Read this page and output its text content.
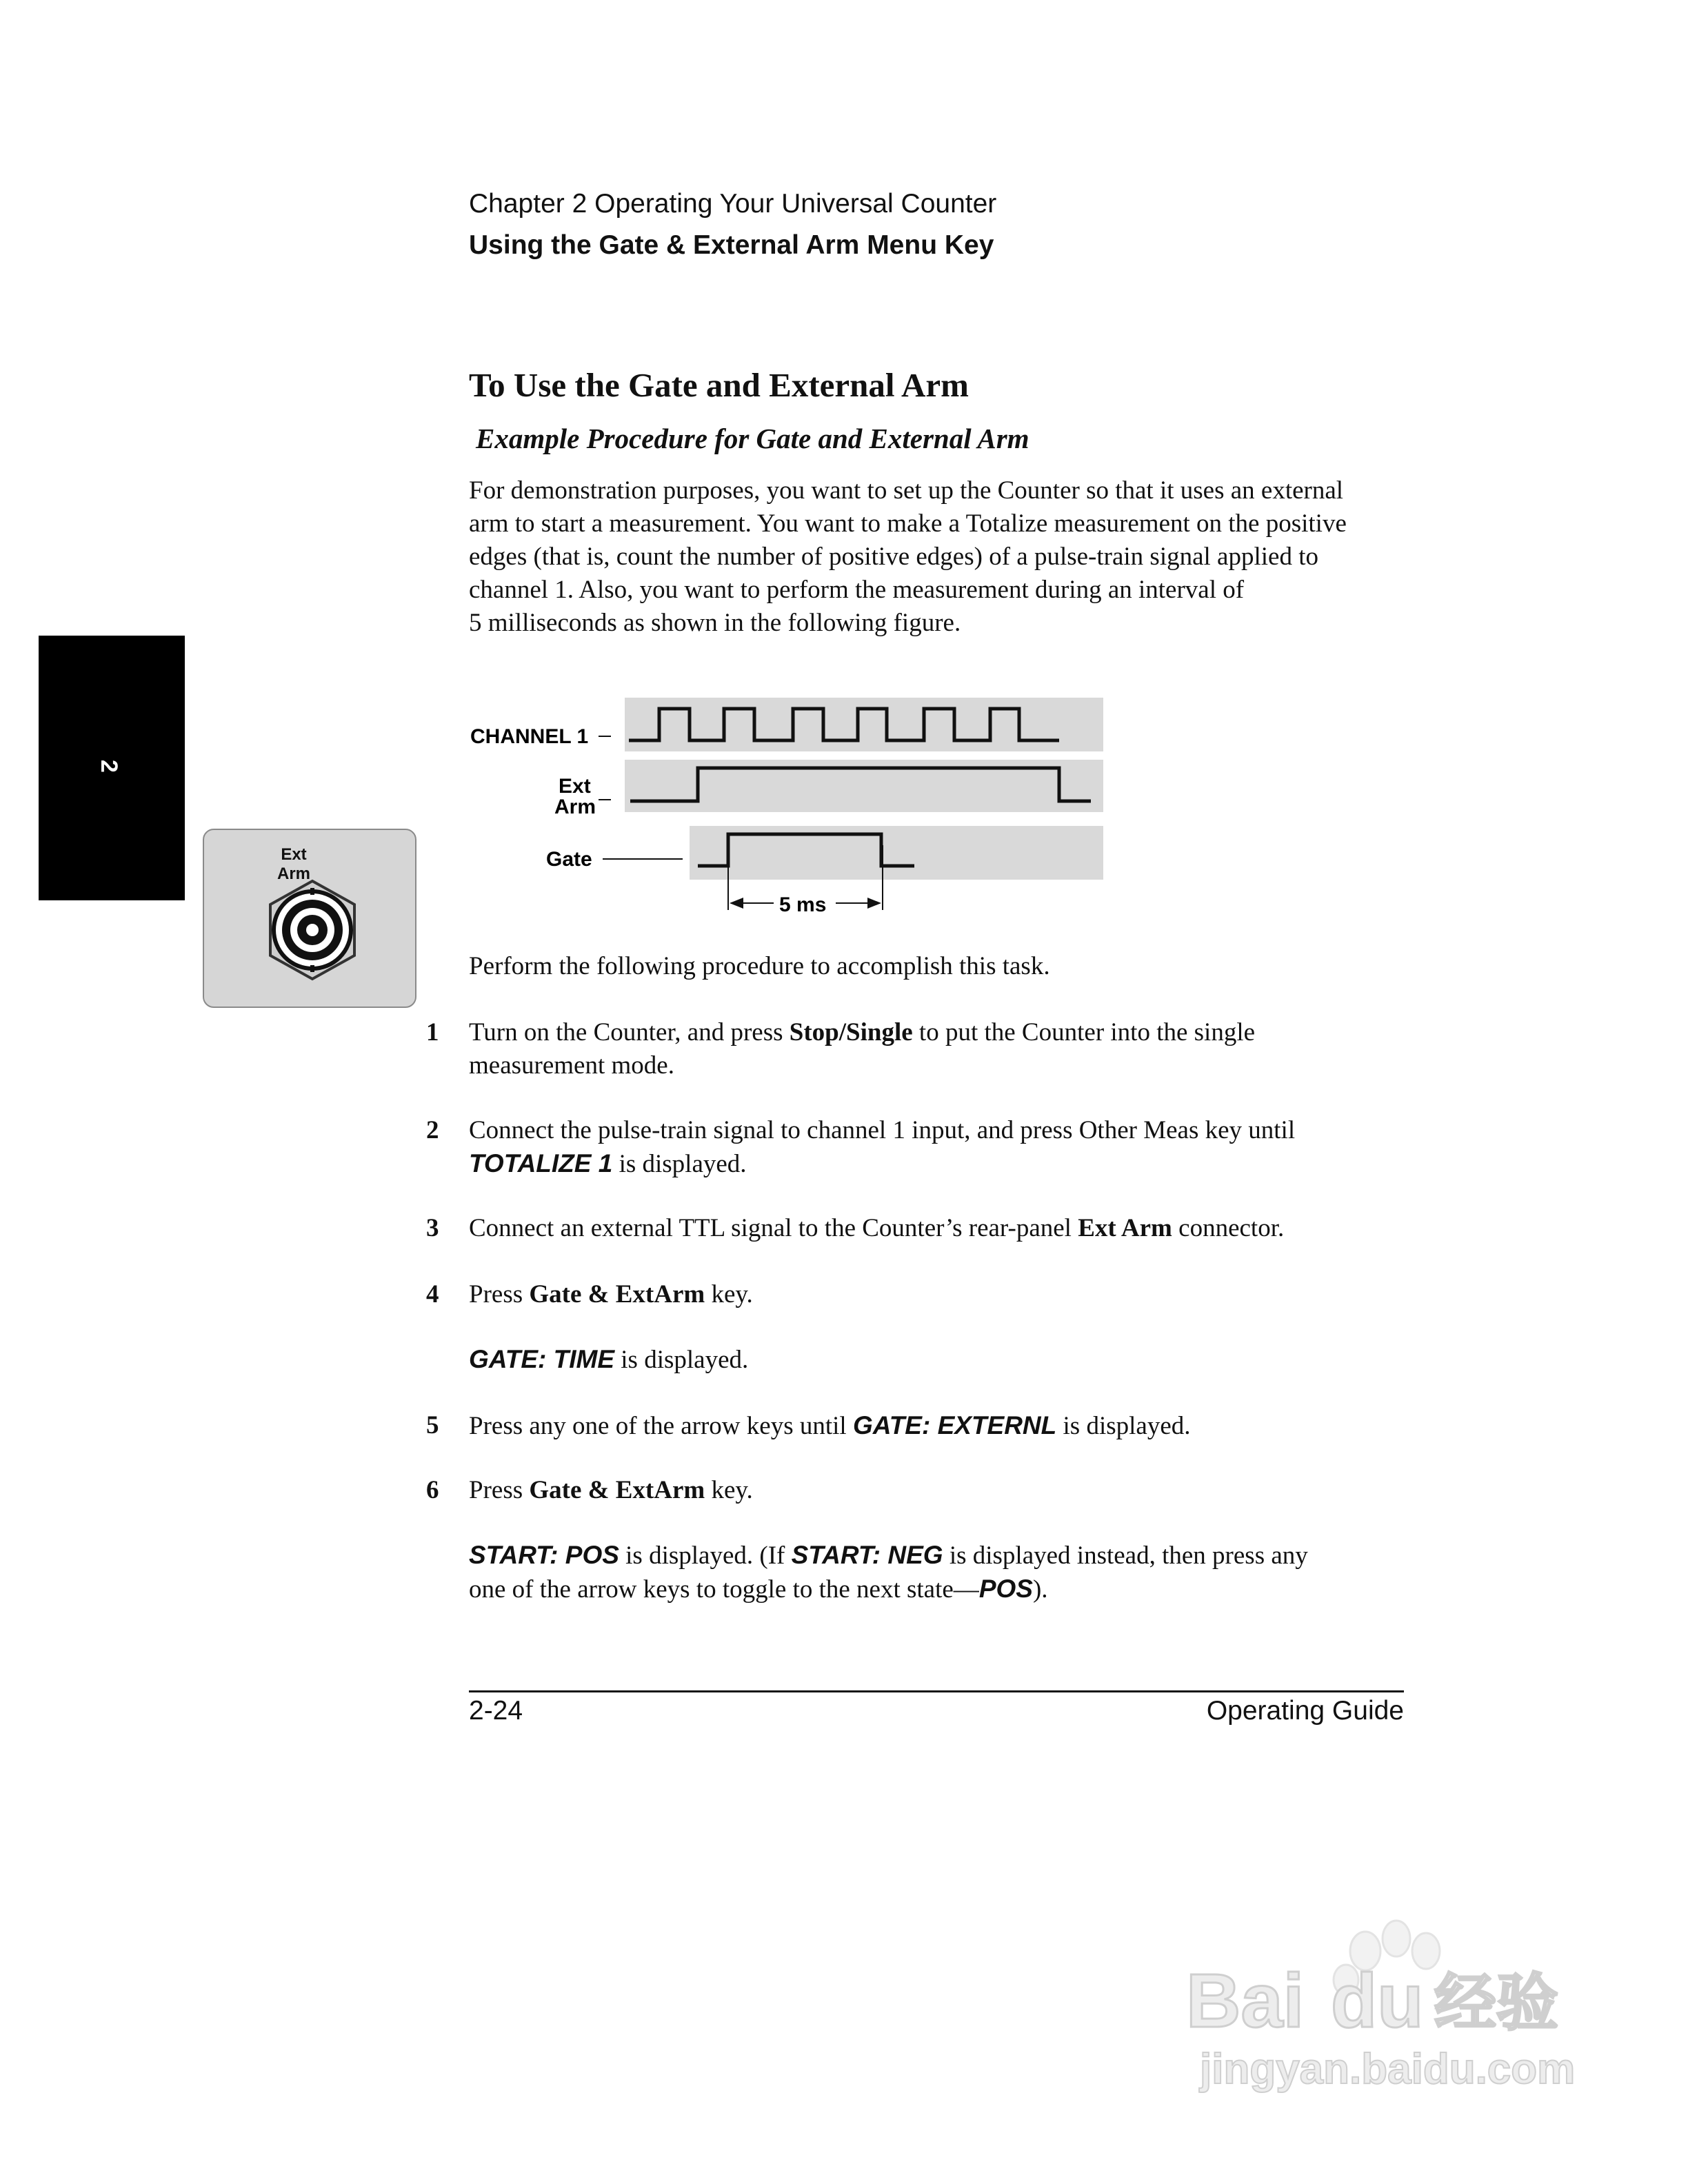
Chapter 2 Operating Your Universal Counter
Using the Gate & External Arm Menu Key
2
Ext
Arm
To Use the Gate and External Arm
Example Procedure for Gate and External Arm

For demonstration purposes, you want to set up the Counter so that it uses an external

arm to start a measurement. You want to make a Totalize measurement on the positive

edges (that is, count the number of positive edges) of a pulse-train signal applied to

channel 1. Also, you want to perform the measurement during an interval of

5 milliseconds as shown in the following figure.

CHANNEL 1
Ext
Arm
Gate
5 ms
Perform the following procedure to accomplish this task.
1 Turn on the Counter, and press Stop/Single to put the Counter into the single
measurement mode.
2 Connect the pulse-train signal to channel 1 input, and press Other Meas key until
TOTALIZE 1 is displayed.
3 Connect an external TTL signal to the Counter’s rear-panel Ext Arm connector.
4 Press Gate & ExtArm key.
GATE: TIME is displayed.
5 Press any one of the arrow keys until GATE: EXTERNL is displayed.
6 Press Gate & ExtArm key.
START: POS is displayed. (If START: NEG is displayed instead, then press any
one of the arrow keys to toggle to the next state—POS).
2-24	Operating Guide
Bai du 经验
jingyan.baidu.com
